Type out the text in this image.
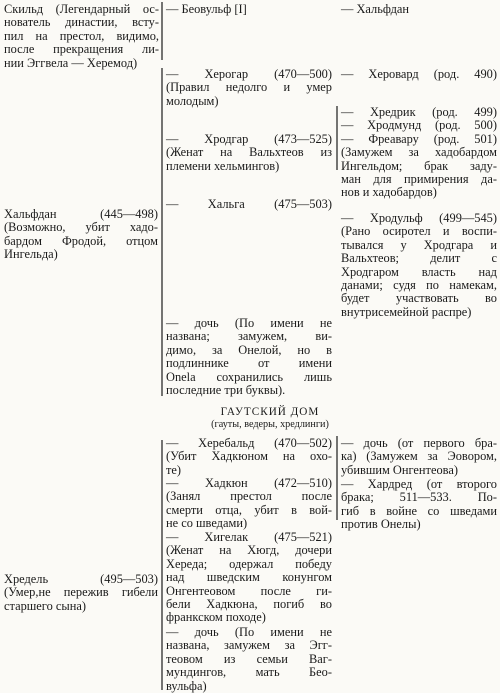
Скильд (Легендарный ос-
нователь династии, всту-
пил на престол, видимо,
после прекращения ли-
нии Эггвела — Херемод)
— Беовульф [I]	— Хальфдан
Хальфдан (445—498)
(Возможно, убит хадо-
бардом Фродой, отцом
Ингельда)
— Херогар (470—500)
(Правил недолго и умер
молодым)
— Херовард (род. 490)
— Хродгар (473—525)
(Женат на Вальхтеов из
племени хельмингов)
— Хредрик (род. 499)
— Хродмунд (род. 500)
— Фреавару (род. 501)
(Замужем за хадобардом
Ингельдом; брак заду-
ман для примирения да-
нов и хадобардов)
— Хальга (475—503)
— Хродульф (499—545)
(Рано осиротел и воспи-
тывался у Хродгара и
Вальхтеов; делит с
Хродгаром власть над
данами; судя по намекам,
будет участвовать во
внутрисемейной распре)
— дочь (По имени не
названа; замужем, ви-
димо, за Онелой, но в
подлиннике от имени
Onela сохранились лишь
последние три буквы).
ГАУТСКИЙ ДОМ
(гауты, ведеры, хредлинги)
— Херебальд (470—502)
(Убит Хадкюном на охо-
те)
— дочь (от первого бра-
ка) (Замужем за Эовором,
убившим Онгентеова)
— Хадкюн (472—510)
(Занял престол после
смерти отца, убит в вой-
не со шведами)
— Хардред (от второго
брака; 511—533. По-
гиб в войне со шведами
против Онелы)
— Хигелак (475—521)
(Женат на Хюгд, дочери
Хереда; одержал победу
над шведским конунгом
Онгентеовом после ги-
бели Хадкюна, погиб во
франкском походе)
Хредель (495—503)
(Умер,не пережив гибели
старшего сына)
— дочь (По имени не
названа, замужем за Эгг-
теовом из семьи Ваг-
мундингов, мать Бео-
вульфа)
